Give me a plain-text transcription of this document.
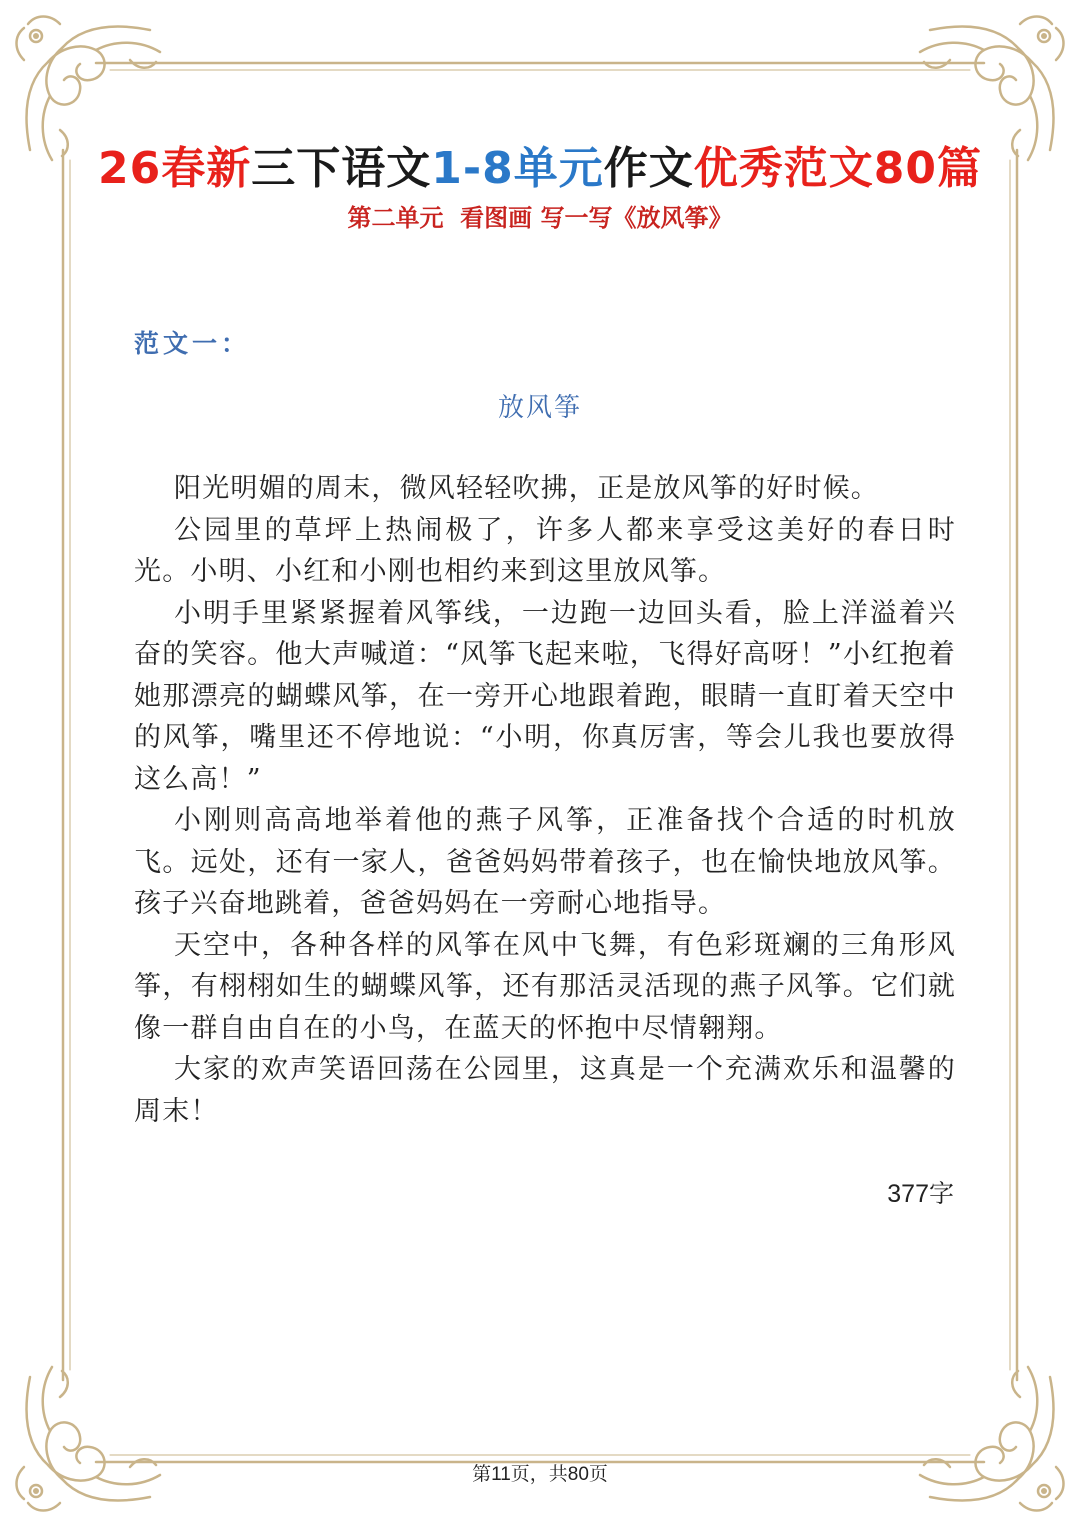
26春新三下语文1-8单元作文优秀范文80篇
第二单元  看图画 写一写《放风筝》
范文一：
放风筝

阳光明媚的周末，微风轻轻吹拂，正是放风筝的好时候。

公园里的草坪上热闹极了，许多人都来享受这美好的春日时光。小明、小红和小刚也相约来到这里放风筝。

小明手里紧紧握着风筝线，一边跑一边回头看，脸上洋溢着兴奋的笑容。他大声喊道：“风筝飞起来啦，飞得好高呀！”小红抱着她那漂亮的蝴蝶风筝，在一旁开心地跟着跑，眼睛一直盯着天空中的风筝，嘴里还不停地说：“小明，你真厉害，等会儿我也要放得这么高！”

小刚则高高地举着他的燕子风筝，正准备找个合适的时机放飞。远处，还有一家人，爸爸妈妈带着孩子，也在愉快地放风筝。孩子兴奋地跳着，爸爸妈妈在一旁耐心地指导。

天空中，各种各样的风筝在风中飞舞，有色彩斑斓的三角形风筝，有栩栩如生的蝴蝶风筝，还有那活灵活现的燕子风筝。它们就像一群自由自在的小鸟，在蓝天的怀抱中尽情翱翔。

大家的欢声笑语回荡在公园里，这真是一个充满欢乐和温馨的周末！

377字
第11页，共80页
